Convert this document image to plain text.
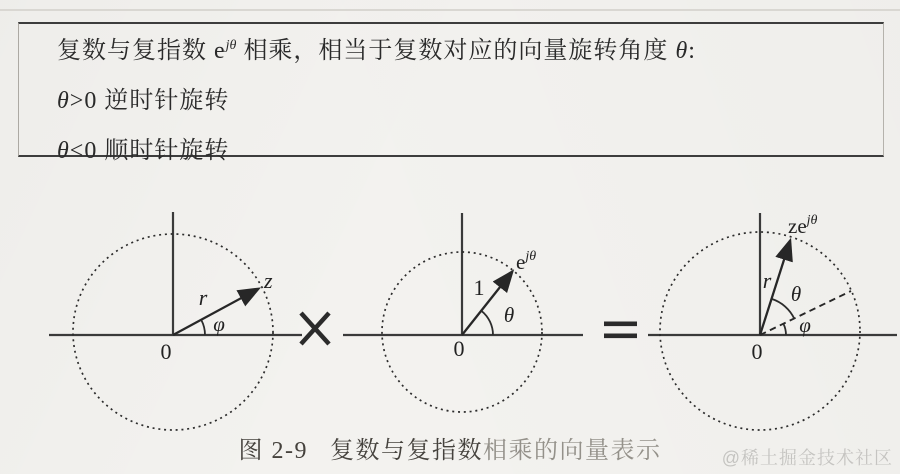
复数与复指数 $e^{j\theta}$ 相乘，相当于复数对应的向量旋转角度 θ:

θ>0 逆时针旋转

θ<0 顺时针旋转

z
r
φ
0
$e^{j\theta}$
1
θ
0
$ze^{j\theta}$
r
θ
φ
0
图 2-9 复数与复指数相乘的向量表示	@稀土掘金技术社区
